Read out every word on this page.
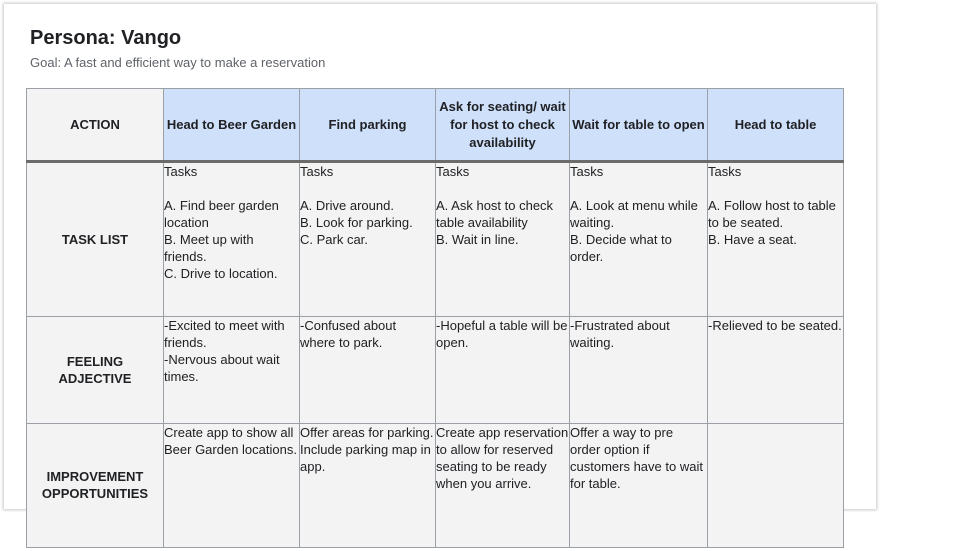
Persona: Vango
Goal: A fast and efficient way to make a reservation
ACTION	Head to Beer Garden	Find parking	Ask for seating/ wait for host to check availability	Wait for table to open	Head to table
TASK LIST	Tasks

A. Find beer garden location
B. Meet up with friends.
C. Drive to location.	Tasks

A. Drive around.
B. Look for parking.
C. Park car.	Tasks

A. Ask host to check table availability
B. Wait in line.	Tasks

A. Look at menu while waiting.
B. Decide what to order.	Tasks

A. Follow host to table to be seated.
B. Have a seat.
FEELING
ADJECTIVE	-Excited to meet with friends.
-Nervous about wait times.	-Confused about where to park.	-Hopeful a table will be open.	-Frustrated about waiting.	-Relieved to be seated.
IMPROVEMENT
OPPORTUNITIES	Create app to show all Beer Garden locations.	Offer areas for parking.
Include parking map in app.	Create app reservation to allow for reserved seating to be ready when you arrive.	Offer a way to pre order option if customers have to wait for table.	
